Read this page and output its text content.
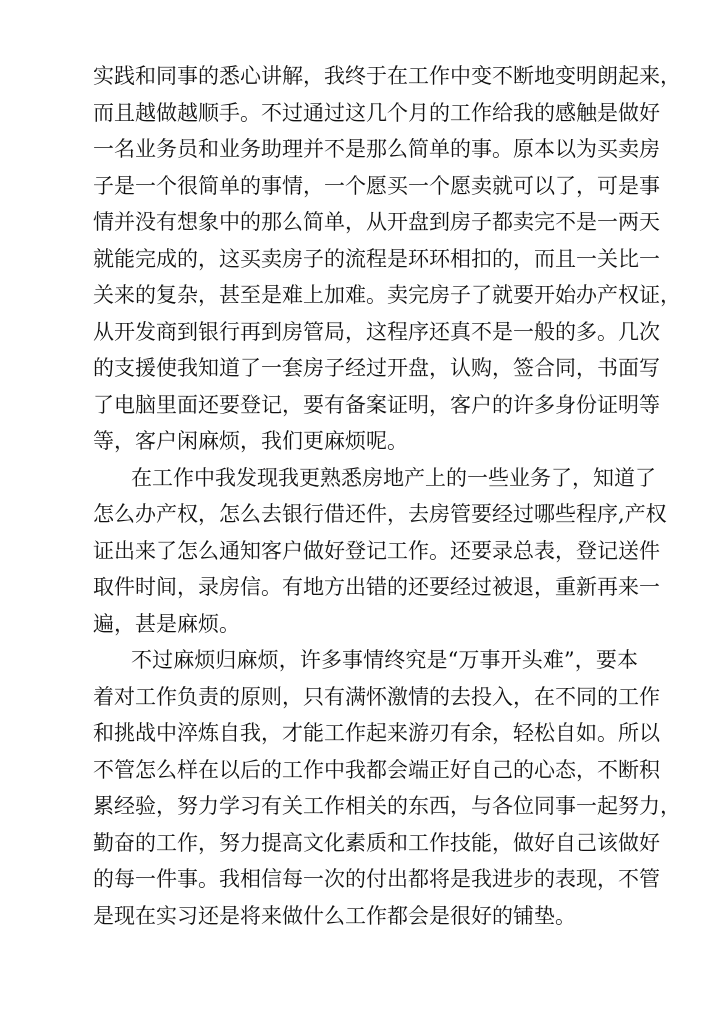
实践和同事的悉心讲解，我终于在工作中变不断地变明朗起来，
而且越做越顺手。不过通过这几个月的工作给我的感触是做好
一名业务员和业务助理并不是那么简单的事。原本以为买卖房
子是一个很简单的事情，一个愿买一个愿卖就可以了，可是事
情并没有想象中的那么简单，从开盘到房子都卖完不是一两天
就能完成的，这买卖房子的流程是环环相扣的，而且一关比一
关来的复杂，甚至是难上加难。卖完房子了就要开始办产权证，
从开发商到银行再到房管局，这程序还真不是一般的多。几次
的支援使我知道了一套房子经过开盘，认购，签合同，书面写
了电脑里面还要登记，要有备案证明，客户的许多身份证明等
等，客户闲麻烦，我们更麻烦呢。
在工作中我发现我更熟悉房地产上的一些业务了，知道了
怎么办产权，怎么去银行借还件，去房管要经过哪些程序,产权
证出来了怎么通知客户做好登记工作。还要录总表，登记送件
取件时间，录房信。有地方出错的还要经过被退，重新再来一
遍，甚是麻烦。
不过麻烦归麻烦，许多事情终究是“万事开头难”，要本
着对工作负责的原则，只有满怀激情的去投入，在不同的工作
和挑战中淬炼自我，才能工作起来游刃有余，轻松自如。所以
不管怎么样在以后的工作中我都会端正好自己的心态，不断积
累经验，努力学习有关工作相关的东西，与各位同事一起努力，
勤奋的工作，努力提高文化素质和工作技能，做好自己该做好
的每一件事。我相信每一次的付出都将是我进步的表现，不管
是现在实习还是将来做什么工作都会是很好的铺垫。
